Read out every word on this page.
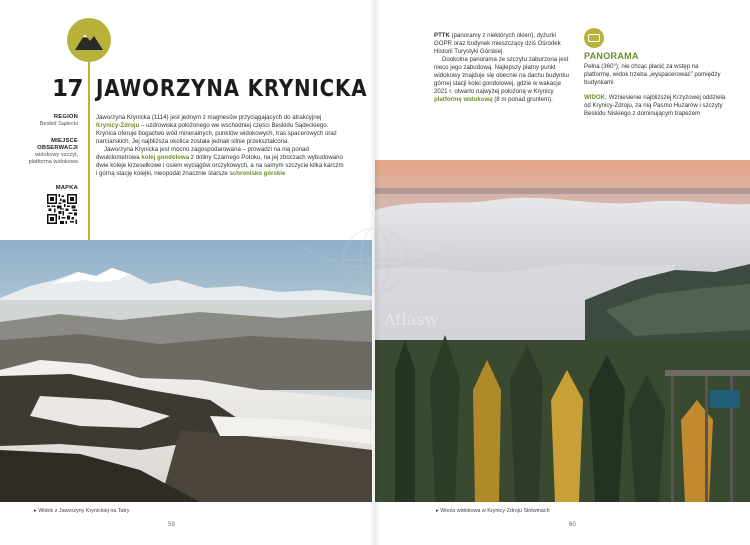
17 JAWORZYNA KRYNICKA
REGION
Beskid Sądecki
MIEJSCE OBSERWACJI
widokowy szczyt, platforma widokowa
MAPKA

Jaworzyna Krynicka (1114) jest jednym z magnesów przyciągających do atrakcyjnej Krynicy-Zdroju – uzdrowiska położonego we wschodniej części Beskidu Sądeckiego. Krynica oferuje bogactwo wód mineralnych, punktów widokowych, tras spacerowych oraz narciarskich. Jej najbliższa okolica została jednak silnie przekształcona.

Jaworzyna Krynicka jest mocno zagospodarowana – prowadzi na nią ponad dwukilometrowa kolej gondolowa z doliny Czarnego Potoku, na jej zboczach wybudowano dwie koleje krzesełkowe i osiem wyciągów orczykowych, a na samym szczycie kilka karczm i górną stację kolejki, nieopodal znacznie starsze schronisko górskie

▸ Widok z Jaworzyny Krynickiej na Tatry
59

PTTK (panoramy z niektórych okien), dyżurki GOPR oraz budynek mieszczący dziś Ośrodek Historii Turystyki Górskiej.

Dookolna panorama ze szczytu zaburzona jest nieco jego zabudową. Najlepszy płatny punkt widokowy znajduje się obecnie na dachu budynku górnej stacji kolei gondolowej, gdzie w wakacje 2021 r. otwarto najwyżej położoną w Krynicy platformę widokową (8 m ponad gruntem).

PANORAMA

Pełna (360°); nie chcąc płacić za wstęp na platformę, widok trzeba „wyspacerować” pomiędzy budynkami

WIDOK: Wzniesienie najbliższej Krzyżowej oddziela od Krynicy-Zdroju, za nią Pasmo Huzarów i szczyty Beskidu Niskiego z dominującym trapezem

▸ Wieża widokowa w Krynicy-Zdroju Słotwinach
60
Atlasw
